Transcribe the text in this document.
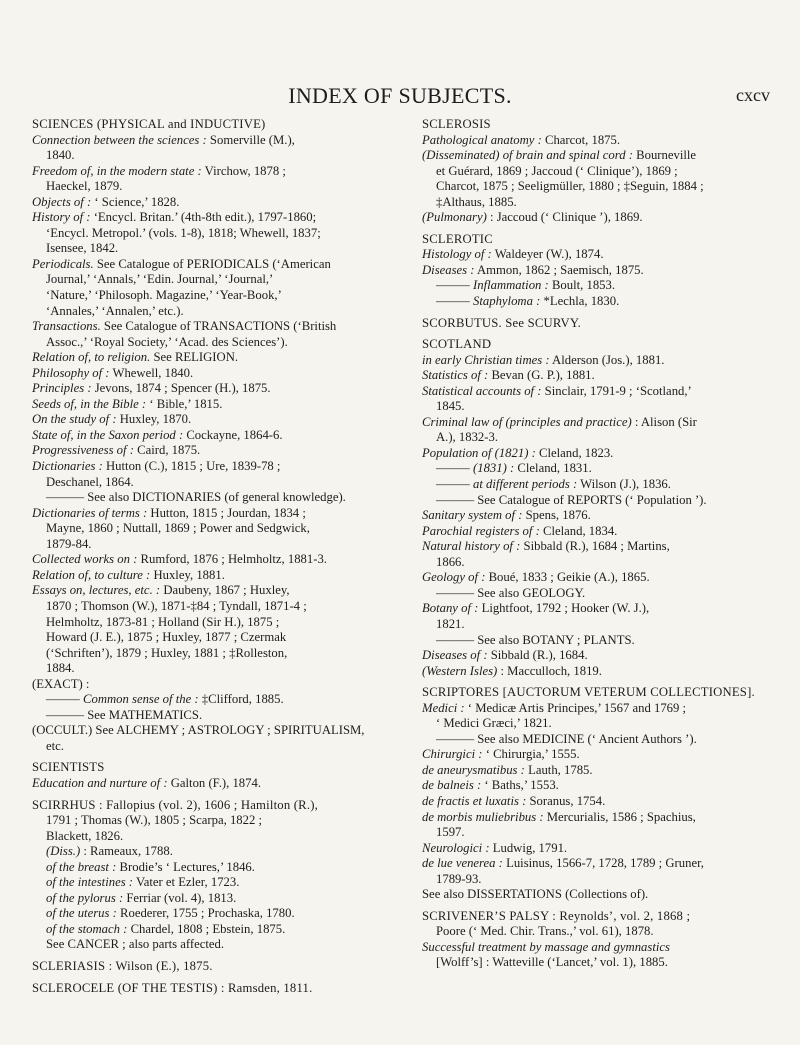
INDEX OF SUBJECTS.	cxcv
SCIENCES (PHYSICAL and INDUCTIVE)
Connection between the sciences : Somerville (M.),
1840.
Freedom of, in the modern state : Virchow, 1878 ;
Haeckel, 1879.
Objects of : ‘ Science,’ 1828.
History of : ‘Encycl. Britan.’ (4th-8th edit.), 1797-1860;
‘Encycl. Metropol.’ (vols. 1-8), 1818; Whewell, 1837;
Isensee, 1842.
Periodicals. See Catalogue of PERIODICALS (‘American
Journal,’ ‘Annals,’ ‘Edin. Journal,’ ‘Journal,’
‘Nature,’ ‘Philosoph. Magazine,’ ‘Year-Book,’
‘Annales,’ ‘Annalen,’ etc.).
Transactions. See Catalogue of TRANSACTIONS (‘British
Assoc.,’ ‘Royal Society,’ ‘Acad. des Sciences’).
Relation of, to religion. See RELIGION.
Philosophy of : Whewell, 1840.
Principles : Jevons, 1874 ; Spencer (H.), 1875.
Seeds of, in the Bible : ‘ Bible,’ 1815.
On the study of : Huxley, 1870.
State of, in the Saxon period : Cockayne, 1864-6.
Progressiveness of : Caird, 1875.
Dictionaries : Hutton (C.), 1815 ; Ure, 1839-78 ;
Deschanel, 1864.
——— See also DICTIONARIES (of general knowledge).
Dictionaries of terms : Hutton, 1815 ; Jourdan, 1834 ;
Mayne, 1860 ; Nuttall, 1869 ; Power and Sedgwick,
1879-84.
Collected works on : Rumford, 1876 ; Helmholtz, 1881-3.
Relation of, to culture : Huxley, 1881.
Essays on, lectures, etc. : Daubeny, 1867 ; Huxley,
1870 ; Thomson (W.), 1871-‡84 ; Tyndall, 1871-4 ;
Helmholtz, 1873-81 ; Holland (Sir H.), 1875 ;
Howard (J. E.), 1875 ; Huxley, 1877 ; Czermak
(‘Schriften’), 1879 ; Huxley, 1881 ; ‡Rolleston,
1884.
(EXACT) :
——— Common sense of the : ‡Clifford, 1885.
——— See MATHEMATICS.
(OCCULT.) See ALCHEMY ; ASTROLOGY ; SPIRITUALISM,
etc.
SCIENTISTS
Education and nurture of : Galton (F.), 1874.
SCIRRHUS : Fallopius (vol. 2), 1606 ; Hamilton (R.),
1791 ; Thomas (W.), 1805 ; Scarpa, 1822 ;
Blackett, 1826.
(Diss.) : Rameaux, 1788.
of the breast : Brodie’s ‘ Lectures,’ 1846.
of the intestines : Vater et Ezler, 1723.
of the pylorus : Ferriar (vol. 4), 1813.
of the uterus : Roederer, 1755 ; Prochaska, 1780.
of the stomach : Chardel, 1808 ; Ebstein, 1875.
See CANCER ; also parts affected.
SCLERIASIS : Wilson (E.), 1875.
SCLEROCELE (OF THE TESTIS) : Ramsden, 1811.
SCLEROSIS
Pathological anatomy : Charcot, 1875.
(Disseminated) of brain and spinal cord : Bourneville
et Guérard, 1869 ; Jaccoud (‘ Clinique’), 1869 ;
Charcot, 1875 ; Seeligmüller, 1880 ; ‡Seguin, 1884 ;
‡Althaus, 1885.
(Pulmonary) : Jaccoud (‘ Clinique ’), 1869.
SCLEROTIC
Histology of : Waldeyer (W.), 1874.
Diseases : Ammon, 1862 ; Saemisch, 1875.
——— Inflammation : Boult, 1853.
——— Staphyloma : *Lechla, 1830.
SCORBUTUS. See SCURVY.
SCOTLAND
in early Christian times : Alderson (Jos.), 1881.
Statistics of : Bevan (G. P.), 1881.
Statistical accounts of : Sinclair, 1791-9 ; ‘Scotland,’
1845.
Criminal law of (principles and practice) : Alison (Sir
A.), 1832-3.
Population of (1821) : Cleland, 1823.
——— (1831) : Cleland, 1831.
——— at different periods : Wilson (J.), 1836.
——— See Catalogue of REPORTS (‘ Population ’).
Sanitary system of : Spens, 1876.
Parochial registers of : Cleland, 1834.
Natural history of : Sibbald (R.), 1684 ; Martins,
1866.
Geology of : Boué, 1833 ; Geikie (A.), 1865.
——— See also GEOLOGY.
Botany of : Lightfoot, 1792 ; Hooker (W. J.),
1821.
——— See also BOTANY ; PLANTS.
Diseases of : Sibbald (R.), 1684.
(Western Isles) : Macculloch, 1819.
SCRIPTORES [AUCTORUM VETERUM COLLECTIONES].
Medici : ‘ Medicæ Artis Principes,’ 1567 and 1769 ;
‘ Medici Græci,’ 1821.
——— See also MEDICINE (‘ Ancient Authors ’).
Chirurgici : ‘ Chirurgia,’ 1555.
de aneurysmatibus : Lauth, 1785.
de balneis : ‘ Baths,’ 1553.
de fractis et luxatis : Soranus, 1754.
de morbis muliebribus : Mercurialis, 1586 ; Spachius,
1597.
Neurologici : Ludwig, 1791.
de lue venerea : Luisinus, 1566-7, 1728, 1789 ; Gruner,
1789-93.
See also DISSERTATIONS (Collections of).
SCRIVENER’S PALSY : Reynolds’, vol. 2, 1868 ;
Poore (‘ Med. Chir. Trans.,’ vol. 61), 1878.
Successful treatment by massage and gymnastics
[Wolff’s] : Watteville (‘Lancet,’ vol. 1), 1885.
